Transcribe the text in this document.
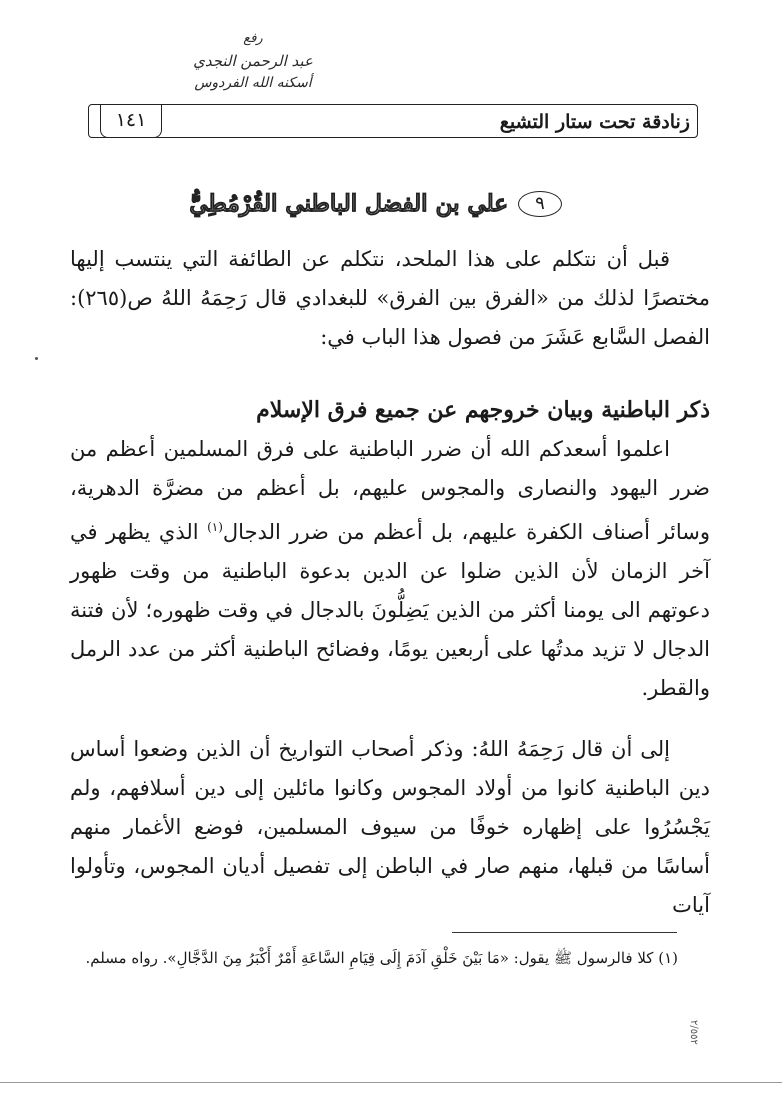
رفع
عبد الرحمن النجدي
أسكنه الله الفردوس
١٤١	زنادقة تحت ستار التشيع
٩
علي بن الفضل الباطني القُرْمُطِيُّ

قبل أن نتكلم على هذا الملحد، نتكلم عن الطائفة التي ينتسب إليها مختصرًا لذلك من «الفرق بين الفرق» للبغدادي قال رَحِمَهُ اللهُ ص(٢٦٥): الفصل السَّابع عَشَرَ من فصول هذا الباب في:

ذكر الباطنية وبيان خروجهم عن جميع فرق الإسلام

اعلموا أسعدكم الله أن ضرر الباطنية على فرق المسلمين أعظم من ضرر اليهود والنصارى والمجوس عليهم، بل أعظم من مضرَّة الدهرية، وسائر أصناف الكفرة عليهم، بل أعظم من ضرر الدجال$^{(١)}$ الذي يظهر في آخر الزمان لأن الذين ضلوا عن الدين بدعوة الباطنية من وقت ظهور دعوتهم الى يومنا أكثر من الذين يَضِلُّونَ بالدجال في وقت ظهوره؛ لأن فتنة الدجال لا تزيد مدتُها على أربعين يومًا، وفضائح الباطنية أكثر من عدد الرمل والقطر.

إلى أن قال رَحِمَهُ اللهُ: وذكر أصحاب التواريخ أن الذين وضعوا أساس دين الباطنية كانوا من أولاد المجوس وكانوا مائلين إلى دين أسلافهم، ولم يَجْسُرُوا على إظهاره خوفًا من سيوف المسلمين، فوضع الأغمار منهم أساسًا من قبلها، منهم صار في الباطن إلى تفصيل أديان المجوس، وتأولوا آيات

(١) كلا فالرسول ﷺ يقول: «مَا بَيْنَ خَلْقِ آدَمَ إِلَى قِيَامِ السَّاعَةِ أَمْرٌ أَكْبَرُ مِنَ الدَّجَّالِ». رواه مسلم.
٢/٥٥٢
